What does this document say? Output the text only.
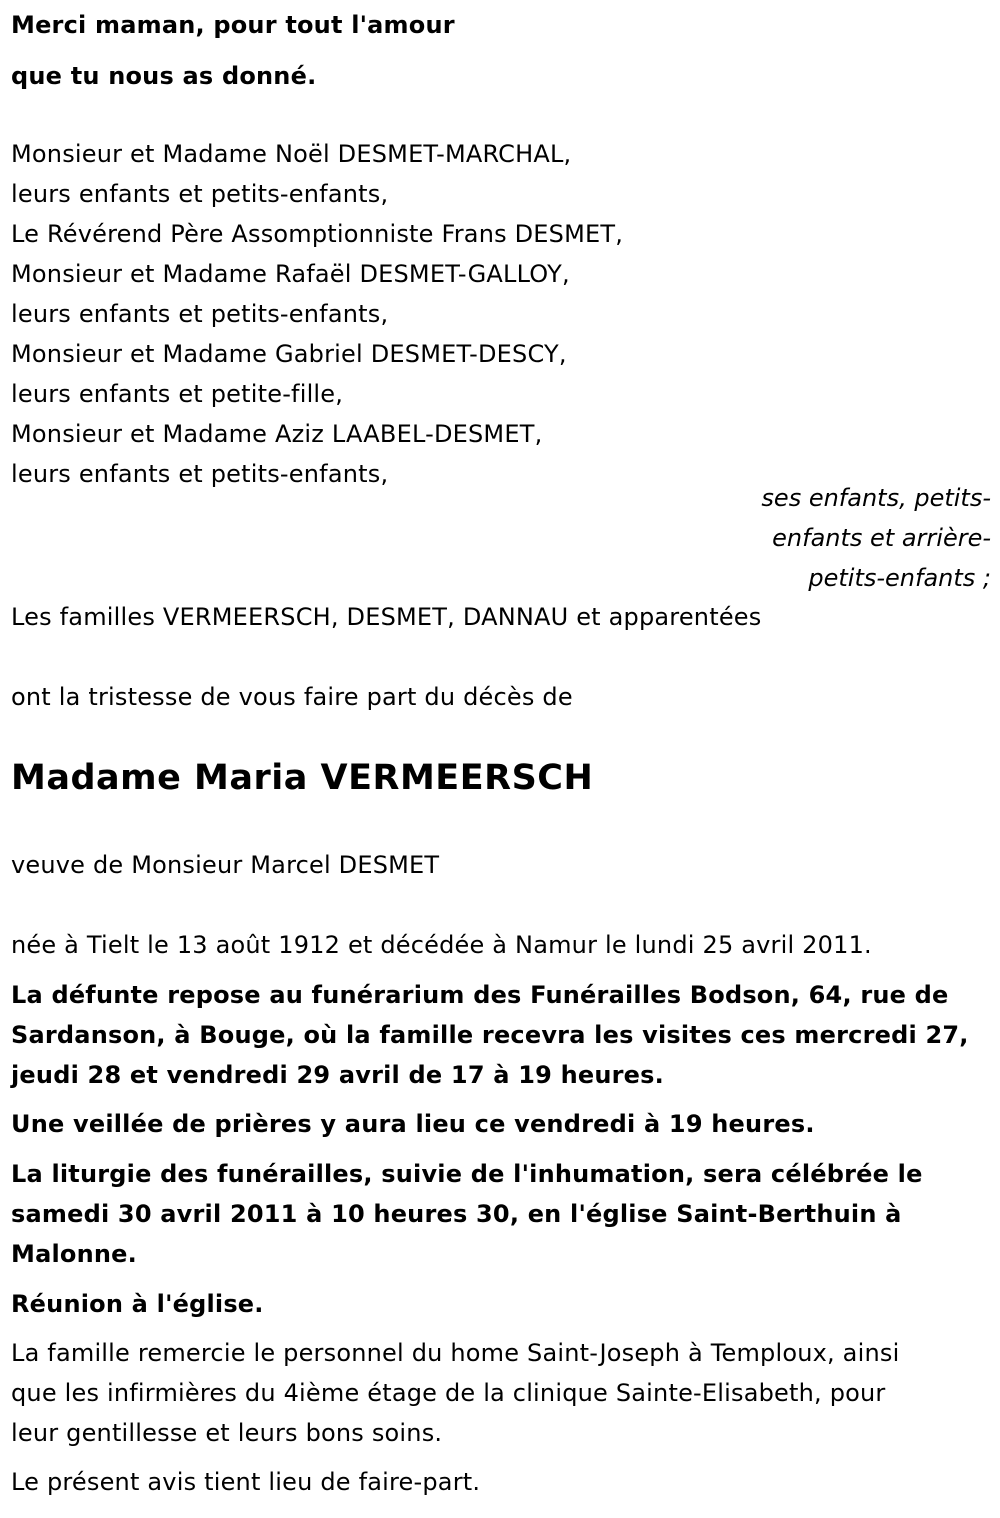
Merci maman, pour tout l'amour
que tu nous as donné.
Monsieur et Madame Noël DESMET-MARCHAL,
leurs enfants et petits-enfants,
Le Révérend Père Assomptionniste Frans DESMET,
Monsieur et Madame Rafaël DESMET-GALLOY,
leurs enfants et petits-enfants,
Monsieur et Madame Gabriel DESMET-DESCY,
leurs enfants et petite-fille,
Monsieur et Madame Aziz LAABEL-DESMET,
leurs enfants et petits-enfants,
ses enfants, petits-
enfants et arrière-
petits-enfants ;
Les familles VERMEERSCH, DESMET, DANNAU et apparentées
ont la tristesse de vous faire part du décès de
Madame Maria VERMEERSCH
veuve de Monsieur Marcel DESMET
née à Tielt le 13 août 1912 et décédée à Namur le lundi 25 avril 2011.
La défunte repose au funérarium des Funérailles Bodson, 64, rue de
Sardanson, à Bouge, où la famille recevra les visites ces mercredi 27,
jeudi 28 et vendredi 29 avril de 17 à 19 heures.
Une veillée de prières y aura lieu ce vendredi à 19 heures.
La liturgie des funérailles, suivie de l'inhumation, sera célébrée le
samedi 30 avril 2011 à 10 heures 30, en l'église Saint-Berthuin à
Malonne.
Réunion à l'église.
La famille remercie le personnel du home Saint-Joseph à Temploux, ainsi
que les infirmières du 4ième étage de la clinique Sainte-Elisabeth, pour
leur gentillesse et leurs bons soins.
Le présent avis tient lieu de faire-part.
